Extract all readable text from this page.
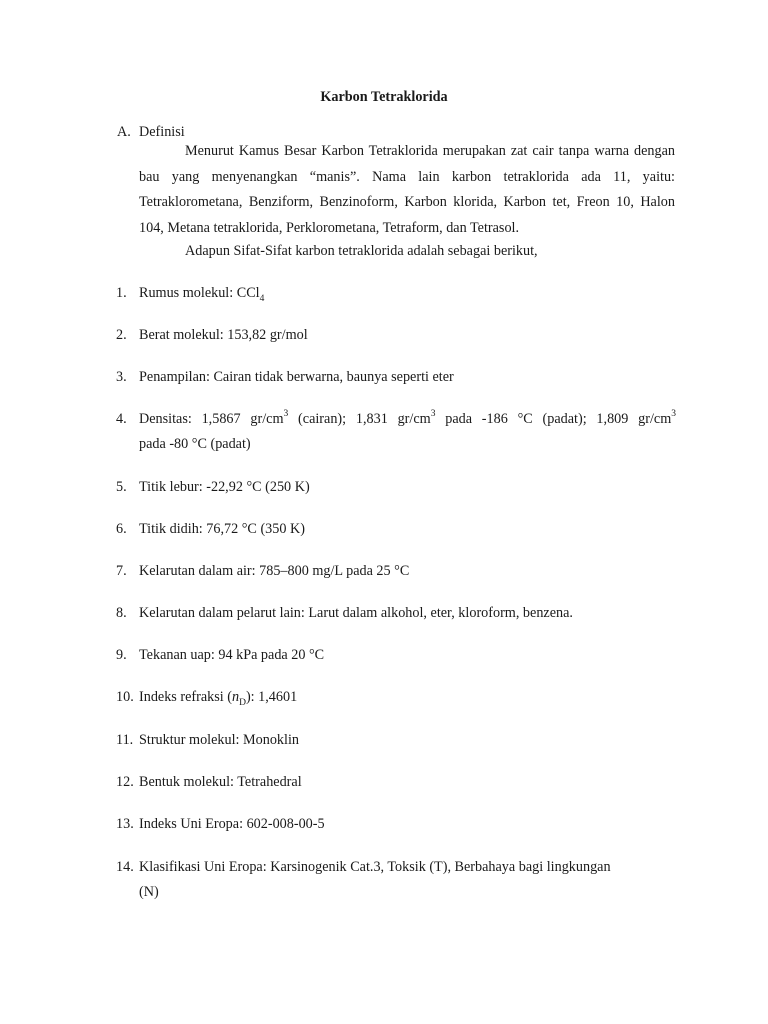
Karbon Tetraklorida
A. Definisi

Menurut Kamus Besar Karbon Tetraklorida merupakan zat cair tanpa warna dengan bau yang menyenangkan “manis”. Nama lain karbon tetraklorida ada 11, yaitu: Tetraklorometana, Benziform, Benzinoform, Karbon klorida, Karbon tet, Freon 10, Halon 104, Metana tetraklorida, Perklorometana, Tetraform, dan Tetrasol.

Adapun Sifat-Sifat karbon tetraklorida adalah sebagai berikut,

1. Rumus molekul: CCl$_4$
2. Berat molekul: 153,82 gr/mol
3. Penampilan: Cairan tidak berwarna, baunya seperti eter
4. Densitas: 1,5867 $gr/cm^3$ (cairan); 1,831 $gr/cm^3$ pada -186 °C (padat); 1,809 $gr/cm^3$
pada -80 °C (padat)
5. Titik lebur: -22,92 °C (250 K)
6. Titik didih: 76,72 °C (350 K)
7. Kelarutan dalam air: 785–800 mg/L pada 25 °C
8. Kelarutan dalam pelarut lain: Larut dalam alkohol, eter, kloroform, benzena.
9. Tekanan uap: 94 kPa pada 20 °C
10. Indeks refraksi $(n_D)$: 1,4601
11. Struktur molekul: Monoklin
12. Bentuk molekul: Tetrahedral
13. Indeks Uni Eropa: 602-008-00-5
14. Klasifikasi Uni Eropa: Karsinogenik Cat.3, Toksik (T), Berbahaya bagi lingkungan
(N)
